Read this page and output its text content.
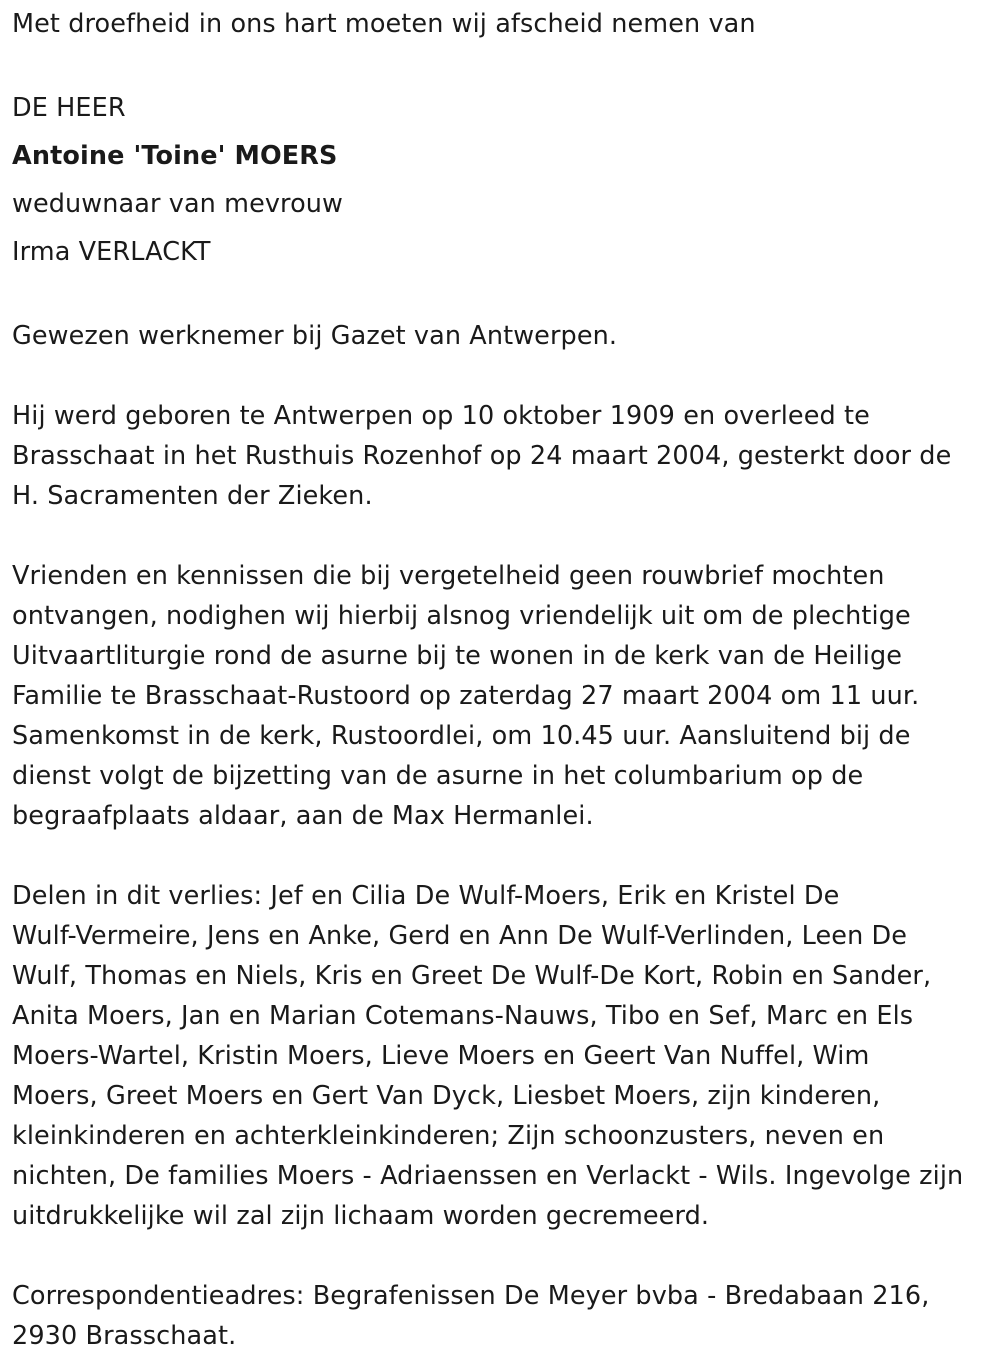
Met droefheid in ons hart moeten wij afscheid nemen van

DE HEER
Antoine 'Toine' MOERS
weduwnaar van mevrouw
Irma VERLACKT

Gewezen werknemer bij Gazet van Antwerpen.

Hij werd geboren te Antwerpen op 10 oktober 1909 en overleed te
Brasschaat in het Rusthuis Rozenhof op 24 maart 2004, gesterkt door de
H. Sacramenten der Zieken.

Vrienden en kennissen die bij vergetelheid geen rouwbrief mochten
ontvangen, nodighen wij hierbij alsnog vriendelijk uit om de plechtige
Uitvaartliturgie rond de asurne bij te wonen in de kerk van de Heilige
Familie te Brasschaat-Rustoord op zaterdag 27 maart 2004 om 11 uur.
Samenkomst in de kerk, Rustoordlei, om 10.45 uur. Aansluitend bij de
dienst volgt de bijzetting van de asurne in het columbarium op de
begraafplaats aldaar, aan de Max Hermanlei.

Delen in dit verlies: Jef en Cilia De Wulf-Moers, Erik en Kristel De
Wulf-Vermeire, Jens en Anke, Gerd en Ann De Wulf-Verlinden, Leen De
Wulf, Thomas en Niels, Kris en Greet De Wulf-De Kort, Robin en Sander,
Anita Moers, Jan en Marian Cotemans-Nauws, Tibo en Sef, Marc en Els
Moers-Wartel, Kristin Moers, Lieve Moers en Geert Van Nuffel, Wim
Moers, Greet Moers en Gert Van Dyck, Liesbet Moers, zijn kinderen,
kleinkinderen en achterkleinkinderen; Zijn schoonzusters, neven en
nichten, De families Moers - Adriaenssen en Verlackt - Wils. Ingevolge zijn
uitdrukkelijke wil zal zijn lichaam worden gecremeerd.

Correspondentieadres: Begrafenissen De Meyer bvba - Bredabaan 216,
2930 Brasschaat.
